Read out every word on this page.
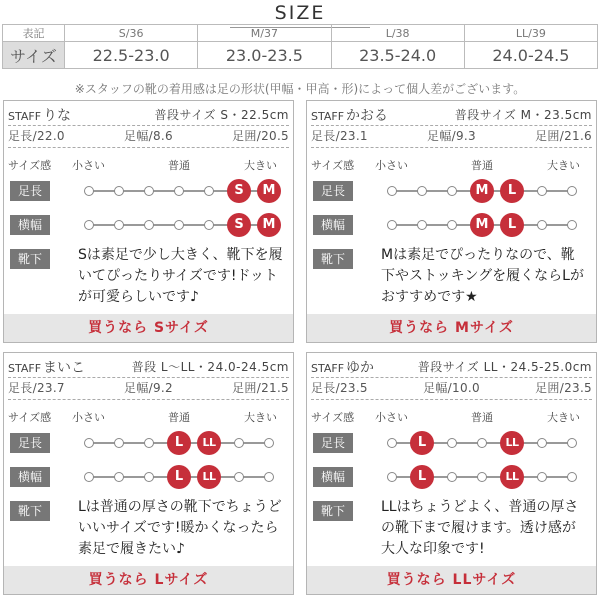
SIZE
表記	S/36	M/37	L/38	LL/39
サイズ	22.5-23.0	23.0-23.5	23.5-24.0	24.0-24.5
※スタッフの靴の着用感は足の形状(甲幅・甲高・形)によって個人差がございます。
STAFF りな	普段サイズ S・22.5cm
足長/22.0	足幅/8.6	足囲/20.5
サイズ感 小さい	普通	大きい
足長	S	M
横幅	S	M
靴下	Sは素足で少し大きく、靴下を履いてぴったりサイズです!ドットが可愛らしいです♪
買うなら Sサイズ
STAFF かおる	普段サイズ M・23.5cm
足長/23.1	足幅/9.3	足囲/21.6
サイズ感 小さい	普通	大きい
足長	M	L
横幅	M	L
靴下	Mは素足でぴったりなので、靴下やストッキングを履くならLがおすすめです★
買うなら Mサイズ
STAFF まいこ	普段 L〜LL・24.0-24.5cm
足長/23.7	足幅/9.2	足囲/21.5
サイズ感 小さい	普通	大きい
足長	L	LL
横幅	L	LL
靴下	Lは普通の厚さの靴下でちょうどいいサイズです!暖かくなったら素足で履きたい♪
買うなら Lサイズ
STAFF ゆか	普段サイズ LL・24.5-25.0cm
足長/23.5	足幅/10.0	足囲/23.5
サイズ感 小さい	普通	大きい
足長	L	LL
横幅	L	LL
靴下	LLはちょうどよく、普通の厚さの靴下まで履けます。透け感が大人な印象です!
買うなら LLサイズ
